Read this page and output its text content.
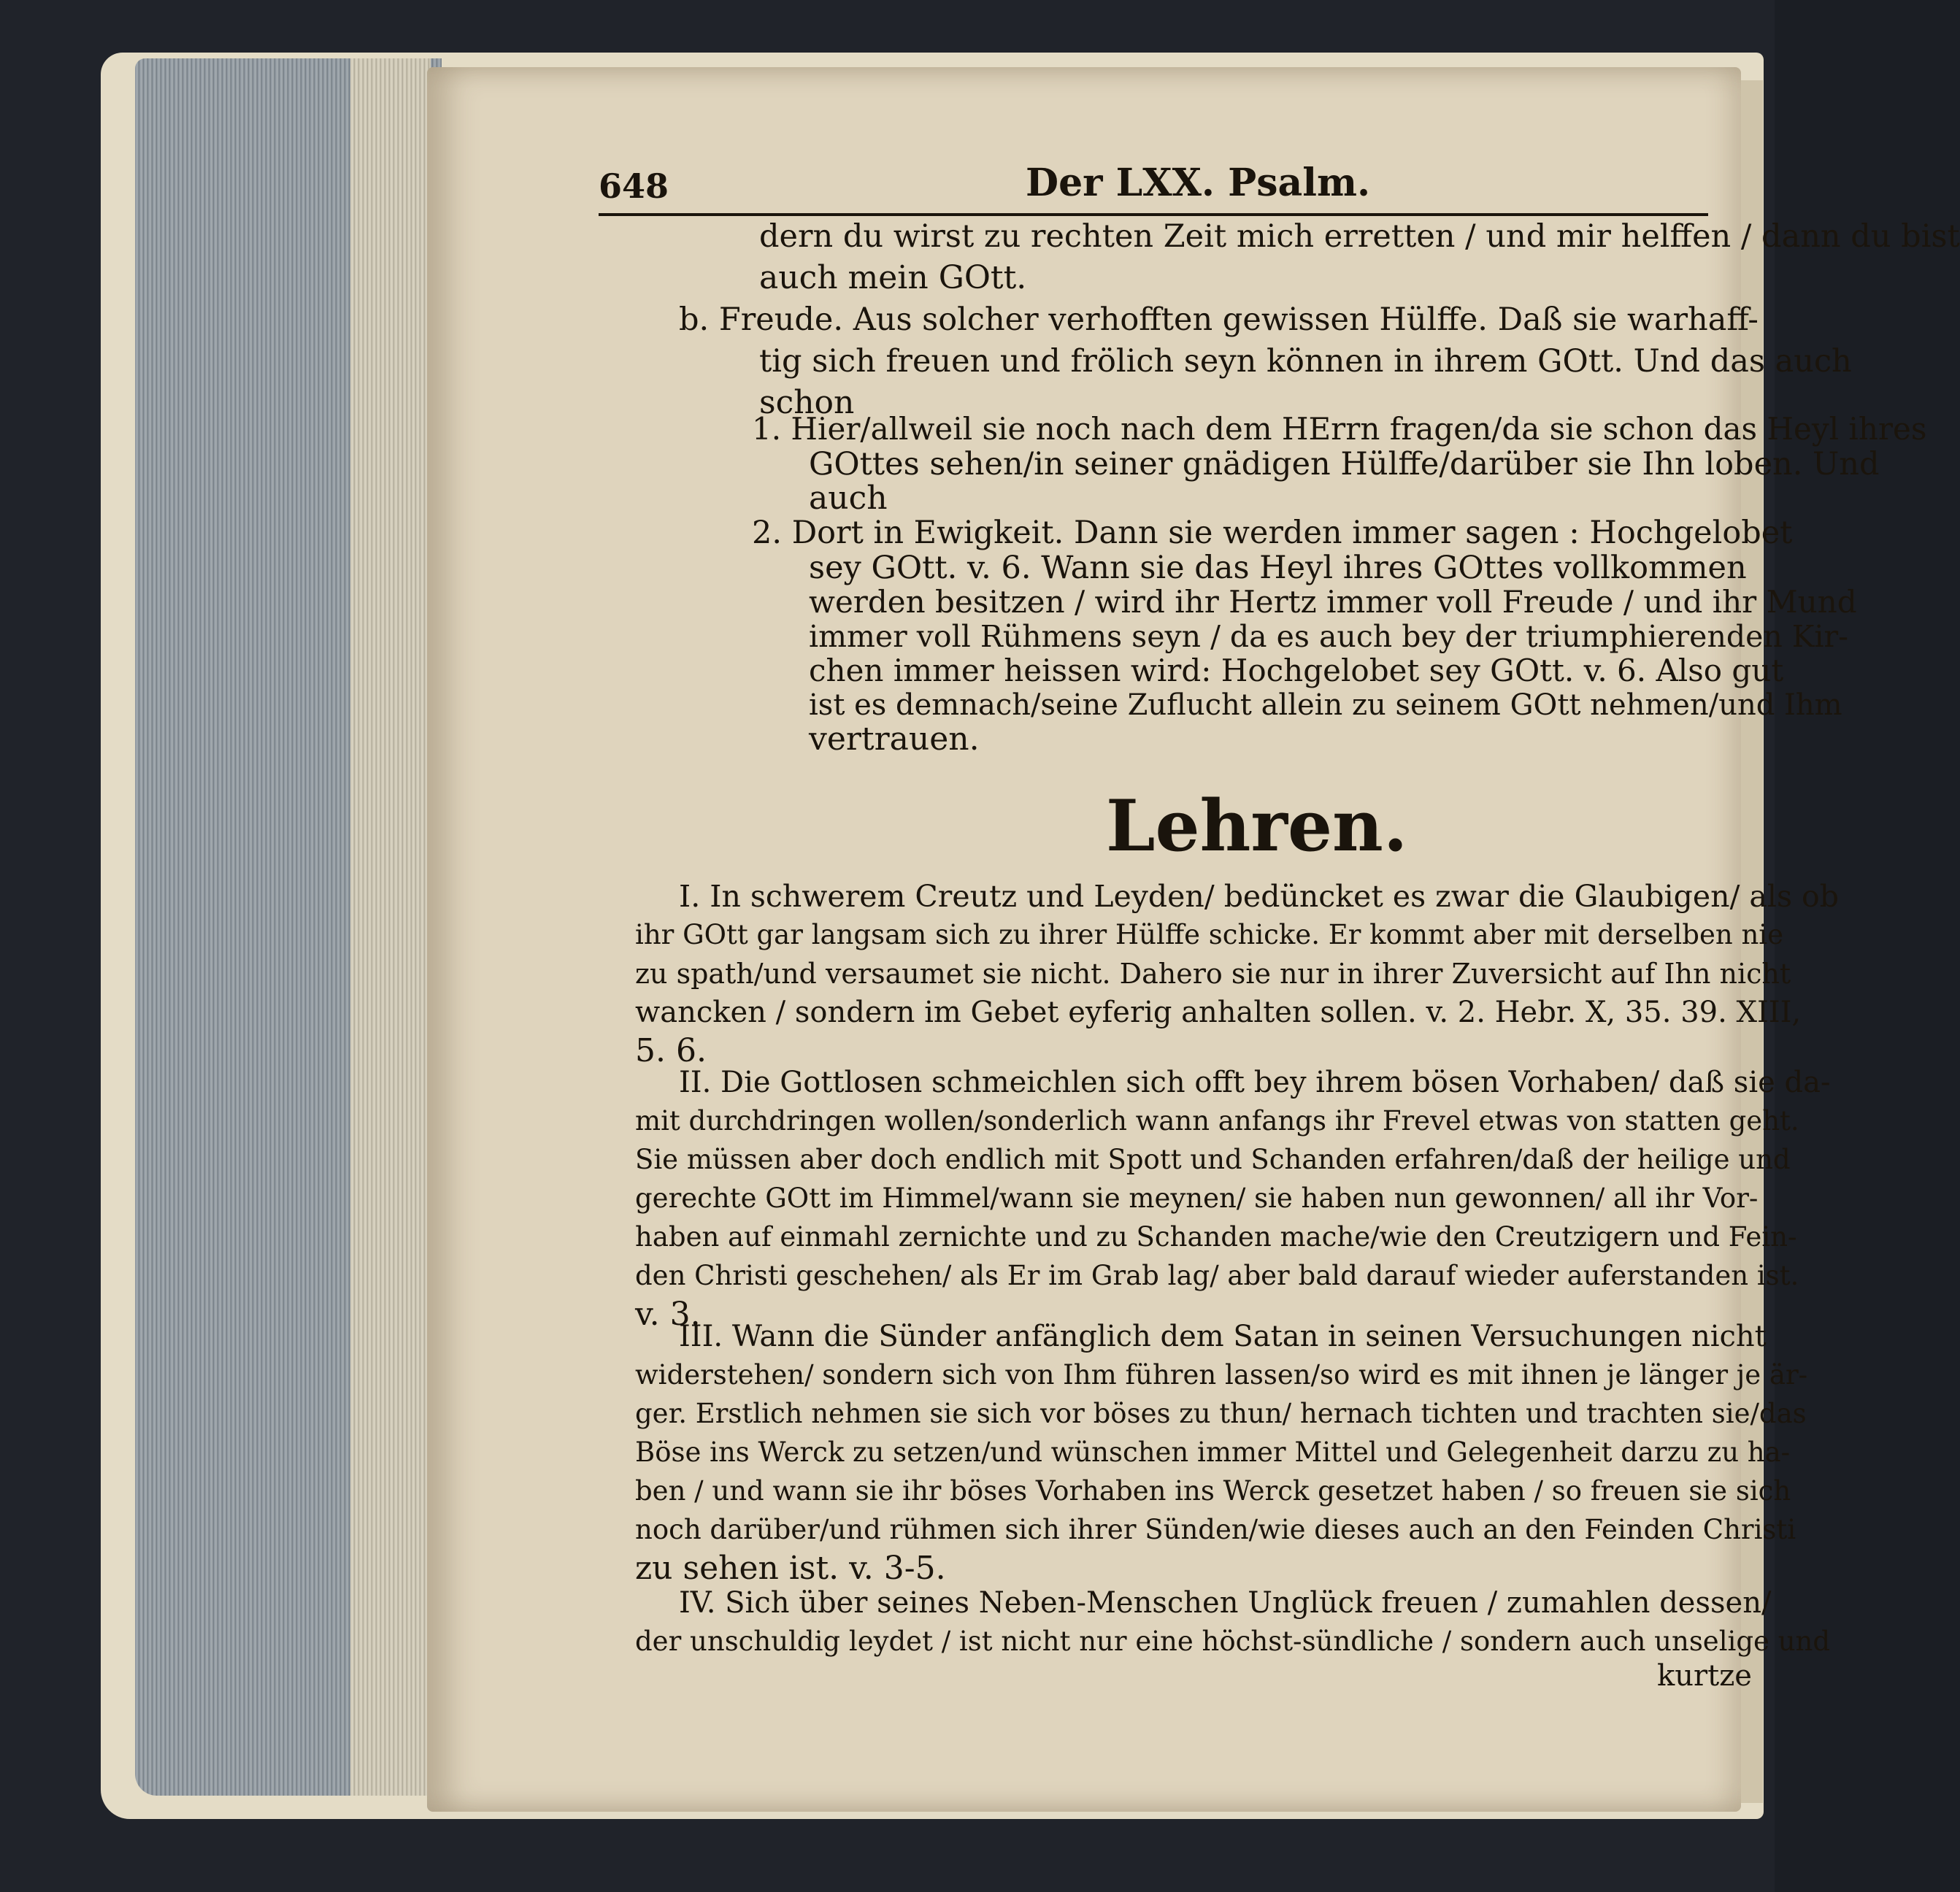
648	Der LXX. Psalm.
dern du wirst zu rechten Zeit mich erretten / und mir helffen / dann du bist
auch mein GOtt.
b. Freude. Aus solcher verhofften gewissen Hülffe. Daß sie warhaff-
tig sich freuen und frölich seyn können in ihrem GOtt. Und das auch
schon
1. Hier/allweil sie noch nach dem HErrn fragen/da sie schon das Heyl ihres
GOttes sehen/in seiner gnädigen Hülffe/darüber sie Ihn loben. Und
auch
2. Dort in Ewigkeit. Dann sie werden immer sagen : Hochgelobet
sey GOtt. v. 6. Wann sie das Heyl ihres GOttes vollkommen
werden besitzen / wird ihr Hertz immer voll Freude / und ihr Mund
immer voll Rühmens seyn / da es auch bey der triumphierenden Kir-
chen immer heissen wird: Hochgelobet sey GOtt. v. 6. Also gut
ist es demnach/seine Zuflucht allein zu seinem GOtt nehmen/und Ihm
vertrauen.
Lehren.
I. In schwerem Creutz und Leyden/ bedüncket es zwar die Glaubigen/ als ob
ihr GOtt gar langsam sich zu ihrer Hülffe schicke. Er kommt aber mit derselben nie
zu spath/und versaumet sie nicht. Dahero sie nur in ihrer Zuversicht auf Ihn nicht
wancken / sondern im Gebet eyferig anhalten sollen. v. 2. Hebr. X, 35. 39. XIII,
5. 6.
II. Die Gottlosen schmeichlen sich offt bey ihrem bösen Vorhaben/ daß sie da-
mit durchdringen wollen/sonderlich wann anfangs ihr Frevel etwas von statten geht.
Sie müssen aber doch endlich mit Spott und Schanden erfahren/daß der heilige und
gerechte GOtt im Himmel/wann sie meynen/ sie haben nun gewonnen/ all ihr Vor-
haben auf einmahl zernichte und zu Schanden mache/wie den Creutzigern und Fein-
den Christi geschehen/ als Er im Grab lag/ aber bald darauf wieder auferstanden ist.
v. 3.
III. Wann die Sünder anfänglich dem Satan in seinen Versuchungen nicht
widerstehen/ sondern sich von Ihm führen lassen/so wird es mit ihnen je länger je är-
ger. Erstlich nehmen sie sich vor böses zu thun/ hernach tichten und trachten sie/das
Böse ins Werck zu setzen/und wünschen immer Mittel und Gelegenheit darzu zu ha-
ben / und wann sie ihr böses Vorhaben ins Werck gesetzet haben / so freuen sie sich
noch darüber/und rühmen sich ihrer Sünden/wie dieses auch an den Feinden Christi
zu sehen ist. v. 3-5.
IV. Sich über seines Neben-Menschen Unglück freuen / zumahlen dessen/
der unschuldig leydet / ist nicht nur eine höchst-sündliche / sondern auch unselige und
kurtze
